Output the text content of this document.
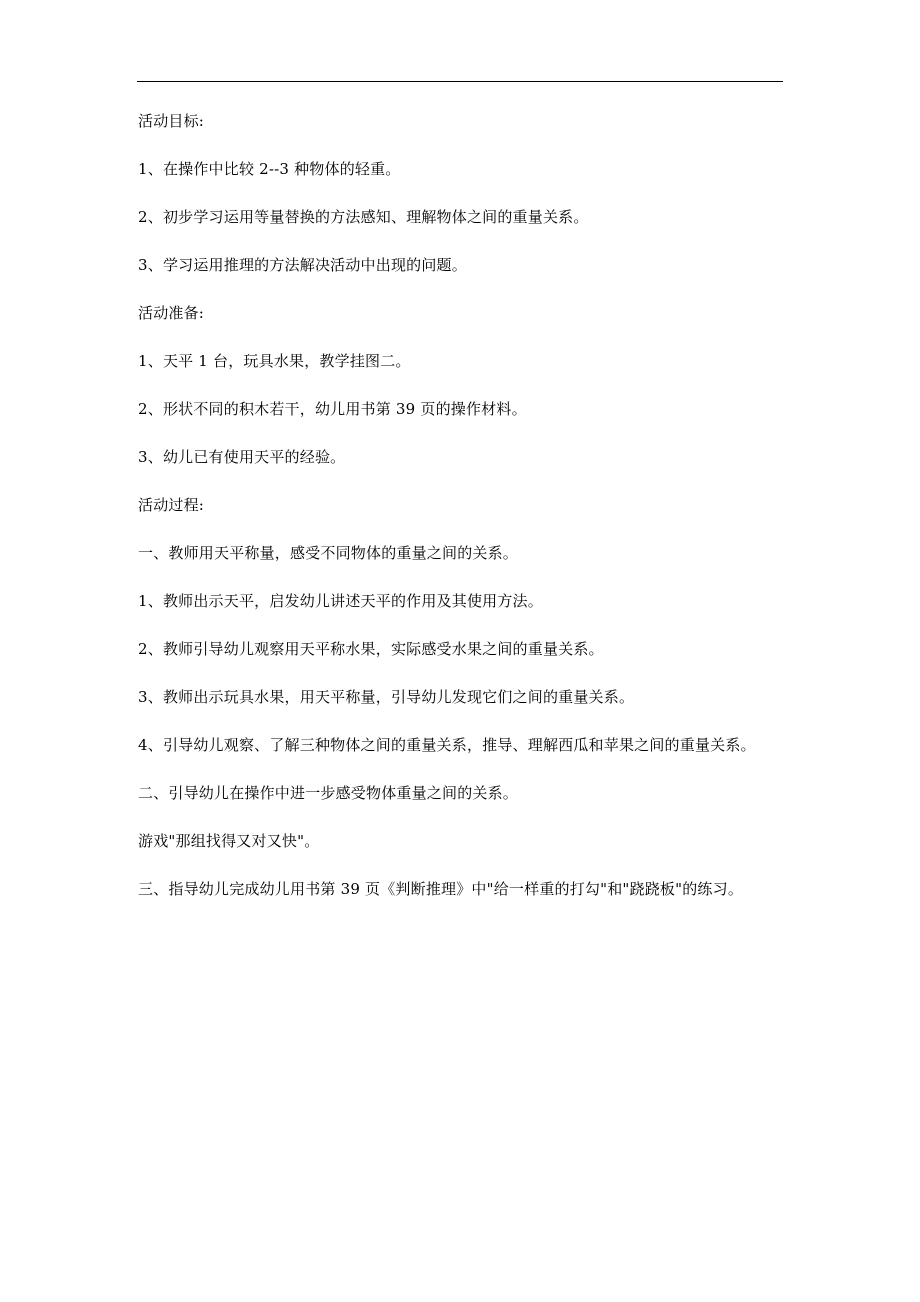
活动目标:

1、在操作中比较 2--3 种物体的轻重。

2、初步学习运用等量替换的方法感知、理解物体之间的重量关系。

3、学习运用推理的方法解决活动中出现的问题。

活动准备:

1、天平 1 台，玩具水果，教学挂图二。

2、形状不同的积木若干，幼儿用书第 39 页的操作材料。

3、幼儿已有使用天平的经验。

活动过程:

一、教师用天平称量，感受不同物体的重量之间的关系。

1、教师出示天平，启发幼儿讲述天平的作用及其使用方法。

2、教师引导幼儿观察用天平称水果，实际感受水果之间的重量关系。

3、教师出示玩具水果，用天平称量，引导幼儿发现它们之间的重量关系。

4、引导幼儿观察、了解三种物体之间的重量关系，推导、理解西瓜和苹果之间的重量关系。

二、引导幼儿在操作中进一步感受物体重量之间的关系。

游戏"那组找得又对又快"。

三、指导幼儿完成幼儿用书第 39 页《判断推理》中"给一样重的打勾"和"跷跷板"的练习。
